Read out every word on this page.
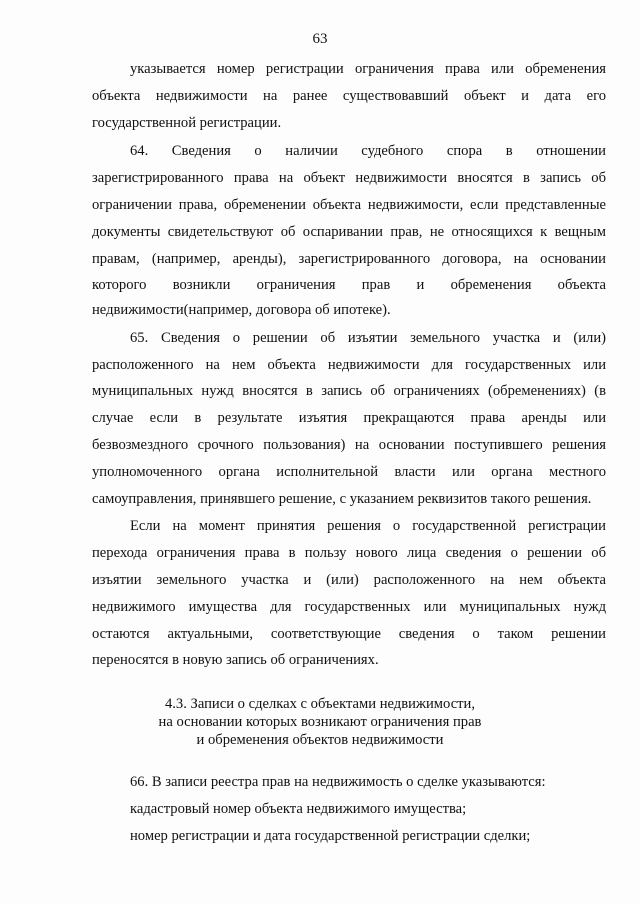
63
указывается номер регистрации ограничения права или обременения
объекта недвижимости на ранее существовавший объект и дата его
государственной регистрации.
64. Сведения о наличии судебного спора в отношении
зарегистрированного права на объект недвижимости вносятся в запись об
ограничении права, обременении объекта недвижимости, если представленные
документы свидетельствуют об оспаривании прав, не относящихся к вещным
правам, (например, аренды), зарегистрированного договора, на основании
которого возникли ограничения прав и обременения объекта
недвижимости(например, договора об ипотеке).
65. Сведения о решении об изъятии земельного участка и (или)
расположенного на нем объекта недвижимости для государственных или
муниципальных нужд вносятся в запись об ограничениях (обременениях) (в
случае если в результате изъятия прекращаются права аренды или
безвозмездного срочного пользования) на основании поступившего решения
уполномоченного органа исполнительной власти или органа местного
самоуправления, принявшего решение, с указанием реквизитов такого решения.
Если на момент принятия решения о государственной регистрации
перехода ограничения права в пользу нового лица сведения о решении об
изъятии земельного участка и (или) расположенного на нем объекта
недвижимого имущества для государственных или муниципальных нужд
остаются актуальными, соответствующие сведения о таком решении
переносятся в новую запись об ограничениях.
4.3. Записи о сделках с объектами недвижимости,
на основании которых возникают ограничения прав
и обременения объектов недвижимости
66. В записи реестра прав на недвижимость о сделке указываются:
кадастровый номер объекта недвижимого имущества;
номер регистрации и дата государственной регистрации сделки;
